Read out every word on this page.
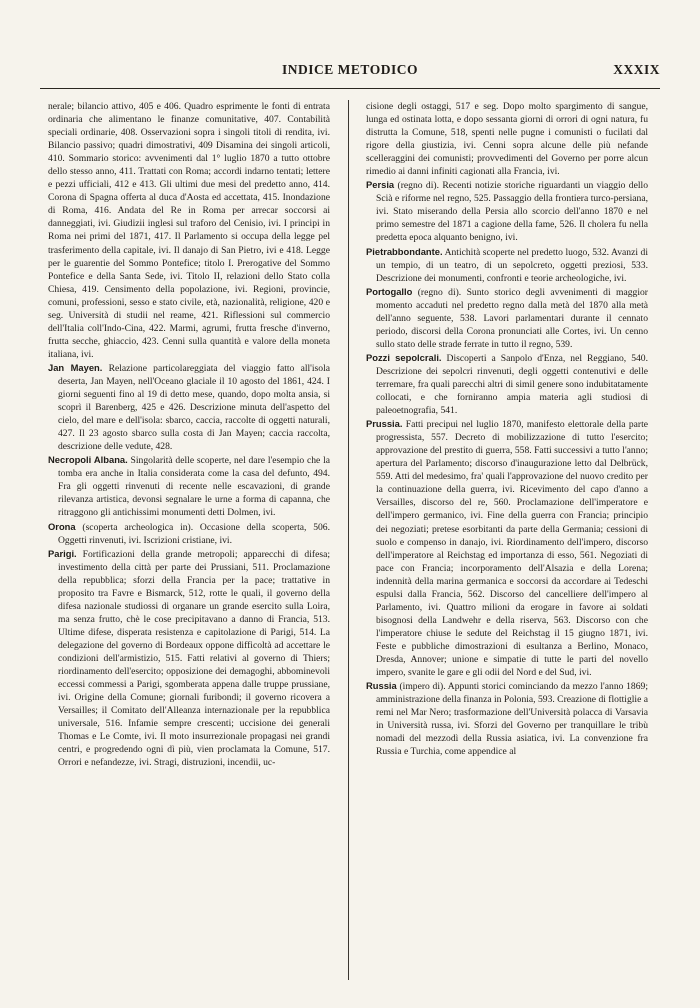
INDICE METODICO	XXXIX

nerale; bilancio attivo, 405 e 406. Quadro esprimente le fonti di entrata ordinaria che alimentano le finanze comunitative, 407. Contabilità speciali ordinarie, 408. Osservazioni sopra i singoli titoli di rendita, ivi. Bilancio passivo; quadri dimostrativi, 409 Disamina dei singoli articoli, 410. Sommario storico: avvenimenti dal 1° luglio 1870 a tutto ottobre dello stesso anno, 411. Trattati con Roma; accordi indarno tentati; lettere e pezzi ufficiali, 412 e 413. Gli ultimi due mesi del predetto anno, 414. Corona di Spagna offerta al duca d'Aosta ed accettata, 415. Inondazione di Roma, 416. Andata del Re in Roma per arrecar soccorsi ai danneggiati, ivi. Giudizii inglesi sul traforo del Cenisio, ivi. I principi in Roma nei primi del 1871, 417. Il Parlamento si occupa della legge pel trasferimento della capitale, ivi. Il danajo di San Pietro, ivi e 418. Legge per le guarentie del Sommo Pontefice; titolo I. Prerogative del Sommo Pontefice e della Santa Sede, ivi. Titolo II, relazioni dello Stato colla Chiesa, 419. Censimento della popolazione, ivi. Regioni, provincie, comuni, professioni, sesso e stato civile, età, nazionalità, religione, 420 e seg. Università di studii nel reame, 421. Riflessioni sul commercio dell'Italia coll'Indo-Cina, 422. Marmi, agrumi, frutta fresche d'inverno, frutta secche, ghiaccio, 423. Cenni sulla quantità e valore della moneta italiana, ivi.

Jan Mayen. Relazione particolareggiata del viaggio fatto all'isola deserta, Jan Mayen, nell'Oceano glaciale il 10 agosto del 1861, 424. I giorni seguenti fino al 19 di detto mese, quando, dopo molta ansia, si scoprì il Barenberg, 425 e 426. Descrizione minuta dell'aspetto del cielo, del mare e dell'isola: sbarco, caccia, raccolte di oggetti naturali, 427. Il 23 agosto sbarco sulla costa di Jan Mayen; caccia raccolta, descrizione delle vedute, 428.

Necropoli Albana. Singolarità delle scoperte, nel dare l'esempio che la tomba era anche in Italia considerata come la casa del defunto, 494. Fra gli oggetti rinvenuti di recente nelle escavazioni, di grande rilevanza artistica, devonsi segnalare le urne a forma di capanna, che ritraggono gli antichissimi monumenti detti Dolmen, ivi.

Orona (scoperta archeologica in). Occasione della scoperta, 506. Oggetti rinvenuti, ivi. Iscrizioni cristiane, ivi.

Parigi. Fortificazioni della grande metropoli; apparecchi di difesa; investimento della città per parte dei Prussiani, 511. Proclamazione della repubblica; sforzi della Francia per la pace; trattative in proposito tra Favre e Bismarck, 512, rotte le quali, il governo della difesa nazionale studiossi di organare un grande esercito sulla Loira, ma senza frutto, chè le cose precipitavano a danno di Francia, 513. Ultime difese, disperata resistenza e capitolazione di Parigi, 514. La delegazione del governo di Bordeaux oppone difficoltà ad accettare le condizioni dell'armistizio, 515. Fatti relativi al governo di Thiers; riordinamento dell'esercito; opposizione dei demagoghi, abbominevoli eccessi commessi a Parigi, sgomberata appena dalle truppe prussiane, ivi. Origine della Comune; giornali furibondi; il governo ricovera a Versailles; il Comitato dell'Alleanza internazionale per la repubblica universale, 516. Infamie sempre crescenti; uccisione dei generali Thomas e Le Comte, ivi. Il moto insurrezionale propagasi nei grandi centri, e progredendo ogni dì più, vien proclamata la Comune, 517. Orrori e nefandezze, ivi. Stragi, distruzioni, incendii, uc-

cisione degli ostaggi, 517 e seg. Dopo molto spargimento di sangue, lunga ed ostinata lotta, e dopo sessanta giorni di orrori di ogni natura, fu distrutta la Comune, 518, spenti nelle pugne i comunisti o fucilati dal rigore della giustizia, ivi. Cenni sopra alcune delle più nefande scelleraggini dei comunisti; provvedimenti del Governo per porre alcun rimedio ai danni infiniti cagionati alla Francia, ivi.

Persia (regno di). Recenti notizie storiche riguardanti un viaggio dello Scià e riforme nel regno, 525. Passaggio della frontiera turco-persiana, ivi. Stato miserando della Persia allo scorcio dell'anno 1870 e nel primo semestre del 1871 a cagione della fame, 526. Il cholera fu nella predetta epoca alquanto benigno, ivi.

Pietrabbondante. Antichità scoperte nel predetto luogo, 532. Avanzi di un tempio, di un teatro, di un sepolcreto, oggetti preziosi, 533. Descrizione dei monumenti, confronti e teorie archeologiche, ivi.

Portogallo (regno di). Sunto storico degli avvenimenti di maggior momento accaduti nel predetto regno dalla metà del 1870 alla metà dell'anno seguente, 538. Lavori parlamentari durante il cennato periodo, discorsi della Corona pronunciati alle Cortes, ivi. Un cenno sullo stato delle strade ferrate in tutto il regno, 539.

Pozzi sepolcrali. Discoperti a Sanpolo d'Enza, nel Reggiano, 540. Descrizione dei sepolcri rinvenuti, degli oggetti contenutivi e delle terremare, fra quali parecchi altri di simil genere sono indubitatamente collocati, e che forniranno ampia materia agli studiosi di paleoetnografia, 541.

Prussia. Fatti precipui nel luglio 1870, manifesto elettorale della parte progressista, 557. Decreto di mobilizzazione di tutto l'esercito; approvazione del prestito di guerra, 558. Fatti successivi a tutto l'anno; apertura del Parlamento; discorso d'inaugurazione letto dal Delbrück, 559. Atti del medesimo, fra' quali l'approvazione del nuovo credito per la continuazione della guerra, ivi. Ricevimento del capo d'anno a Versailles, discorso del re, 560. Proclamazione dell'imperatore e dell'impero germanico, ivi. Fine della guerra con Francia; principio dei negoziati; pretese esorbitanti da parte della Germania; cessioni di suolo e compenso in danajo, ivi. Riordinamento dell'impero, discorso dell'imperatore al Reichstag ed importanza di esso, 561. Negoziati di pace con Francia; incorporamento dell'Alsazia e della Lorena; indennità della marina germanica e soccorsi da accordare ai Tedeschi espulsi dalla Francia, 562. Discorso del cancelliere dell'impero al Parlamento, ivi. Quattro milioni da erogare in favore ai soldati bisognosi della Landwehr e della riserva, 563. Discorso con che l'imperatore chiuse le sedute del Reichstag il 15 giugno 1871, ivi. Feste e pubbliche dimostrazioni di esultanza a Berlino, Monaco, Dresda, Annover; unione e simpatie di tutte le parti del novello impero, svanite le gare e gli odii del Nord e del Sud, ivi.

Russia (impero di). Appunti storici cominciando da mezzo l'anno 1869; amministrazione della finanza in Polonia, 593. Creazione di flottiglie a remi nel Mar Nero; trasformazione dell'Università polacca di Varsavia in Università russa, ivi. Sforzi del Governo per tranquillare le tribù nomadi del mezzodì della Russia asiatica, ivi. La convenzione fra Russia e Turchia, come appendice al
